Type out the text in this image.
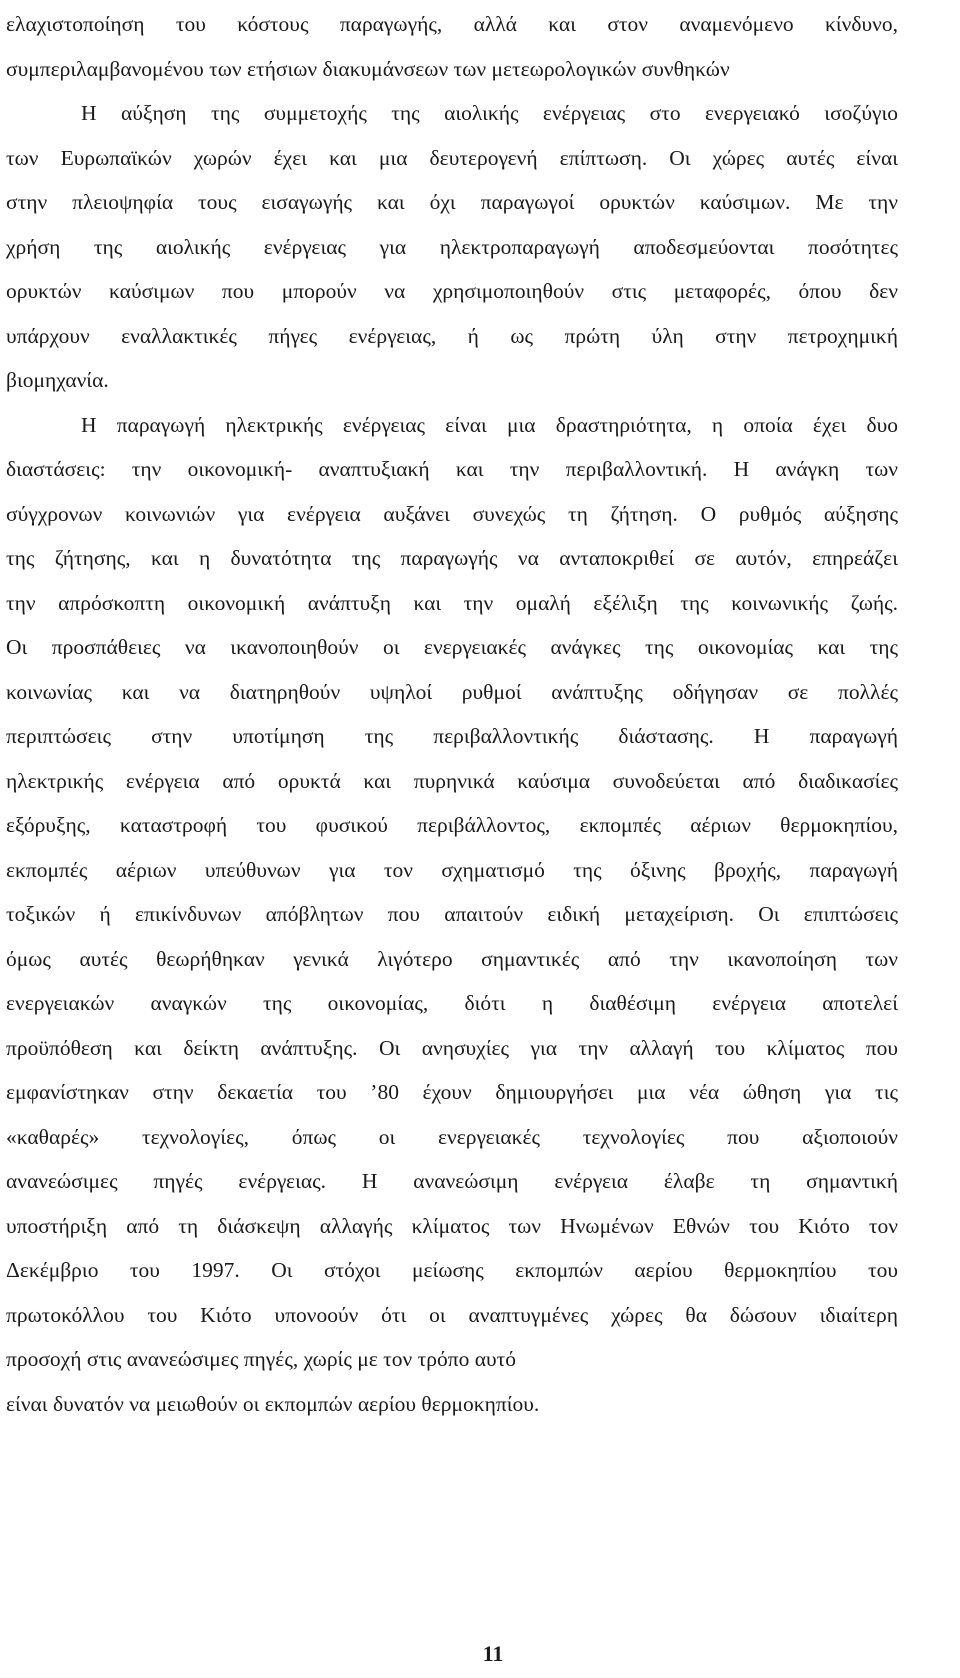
ελαχιστοποίηση του κόστους παραγωγής, αλλά και στον αναμενόμενο κίνδυνο,
συμπεριλαμβανομένου των ετήσιων διακυμάνσεων των μετεωρολογικών συνθηκών
Η αύξηση της συμμετοχής της αιολικής ενέργειας στο ενεργειακό ισοζύγιο
των Ευρωπαϊκών χωρών έχει και μια δευτερογενή επίπτωση. Οι χώρες αυτές είναι
στην πλειοψηφία τους εισαγωγής και όχι παραγωγοί ορυκτών καύσιμων. Με την
χρήση της αιολικής ενέργειας για ηλεκτροπαραγωγή αποδεσμεύονται ποσότητες
ορυκτών καύσιμων που μπορούν να χρησιμοποιηθούν στις μεταφορές, όπου δεν
υπάρχουν εναλλακτικές πήγες ενέργειας, ή ως πρώτη ύλη στην πετροχημική
βιομηχανία.
Η παραγωγή ηλεκτρικής ενέργειας είναι μια δραστηριότητα, η οποία έχει δυο
διαστάσεις: την οικονομική- αναπτυξιακή και την περιβαλλοντική. Η ανάγκη των
σύγχρονων κοινωνιών για ενέργεια αυξάνει συνεχώς τη ζήτηση. Ο ρυθμός αύξησης
της ζήτησης, και η δυνατότητα της παραγωγής να ανταποκριθεί σε αυτόν, επηρεάζει
την απρόσκοπτη οικονομική ανάπτυξη και την ομαλή εξέλιξη της κοινωνικής ζωής.
Οι προσπάθειες να ικανοποιηθούν οι ενεργειακές ανάγκες της οικονομίας και της
κοινωνίας και να διατηρηθούν υψηλοί ρυθμοί ανάπτυξης οδήγησαν σε πολλές
περιπτώσεις στην υποτίμηση της περιβαλλοντικής διάστασης. Η παραγωγή
ηλεκτρικής ενέργεια από ορυκτά και πυρηνικά καύσιμα συνοδεύεται από διαδικασίες
εξόρυξης, καταστροφή του φυσικού περιβάλλοντος, εκπομπές αέριων θερμοκηπίου,
εκπομπές αέριων υπεύθυνων για τον σχηματισμό της όξινης βροχής, παραγωγή
τοξικών ή επικίνδυνων απόβλητων που απαιτούν ειδική μεταχείριση. Οι επιπτώσεις
όμως αυτές θεωρήθηκαν γενικά λιγότερο σημαντικές από την ικανοποίηση των
ενεργειακών αναγκών της οικονομίας, διότι η διαθέσιμη ενέργεια αποτελεί
προϋπόθεση και δείκτη ανάπτυξης. Οι ανησυχίες για την αλλαγή του κλίματος που
εμφανίστηκαν στην δεκαετία του ’80 έχουν δημιουργήσει μια νέα ώθηση για τις
«καθαρές» τεχνολογίες, όπως οι ενεργειακές τεχνολογίες που αξιοποιούν
ανανεώσιμες πηγές ενέργειας. Η ανανεώσιμη ενέργεια έλαβε τη σημαντική
υποστήριξη από τη διάσκεψη αλλαγής κλίματος των Ηνωμένων Εθνών του Κιότο τον
Δεκέμβριο του 1997. Οι στόχοι μείωσης εκπομπών αερίου θερμοκηπίου του
πρωτοκόλλου του Κιότο υπονοούν ότι οι αναπτυγμένες χώρες θα δώσουν ιδιαίτερη
προσοχή στις ανανεώσιμες πηγές, χωρίς με τον τρόπο αυτό
είναι δυνατόν να μειωθούν οι εκπομπών αερίου θερμοκηπίου.
11
